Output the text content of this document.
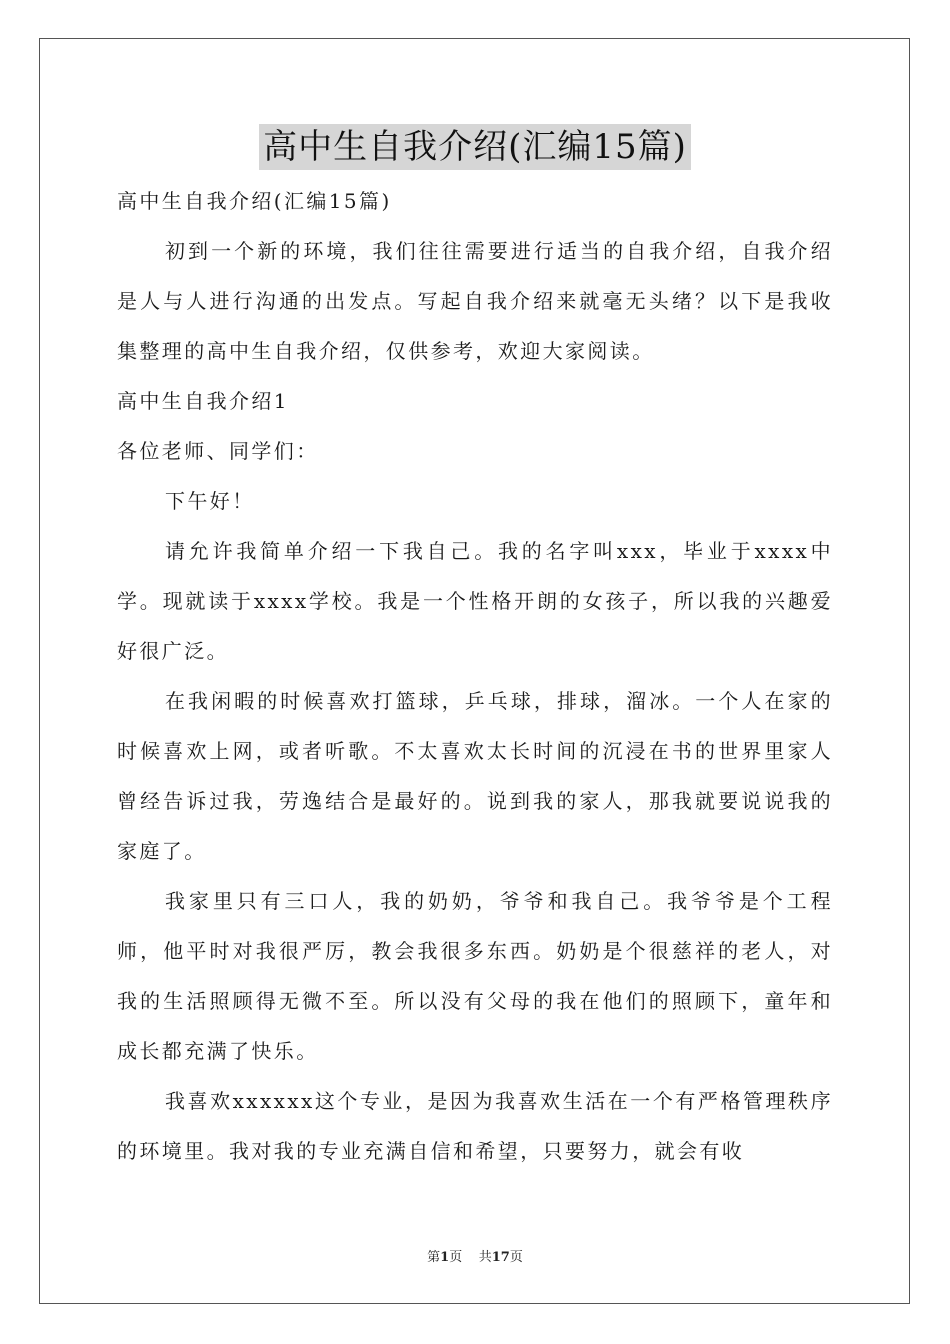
高中生自我介绍(汇编15篇)

高中生自我介绍(汇编15篇)

初到一个新的环境，我们往往需要进行适当的自我介绍，自我介绍是人与人进行沟通的出发点。写起自我介绍来就毫无头绪？以下是我收集整理的高中生自我介绍，仅供参考，欢迎大家阅读。

高中生自我介绍1

各位老师、同学们：

下午好！

请允许我简单介绍一下我自己。我的名字叫xxx，毕业于xxxx中学。现就读于xxxx学校。我是一个性格开朗的女孩子，所以我的兴趣爱好很广泛。

在我闲暇的时候喜欢打篮球，乒乓球，排球，溜冰。一个人在家的时候喜欢上网，或者听歌。不太喜欢太长时间的沉浸在书的世界里家人曾经告诉过我，劳逸结合是最好的。说到我的家人，那我就要说说我的家庭了。

我家里只有三口人，我的奶奶，爷爷和我自己。我爷爷是个工程师，他平时对我很严厉，教会我很多东西。奶奶是个很慈祥的老人，对我的生活照顾得无微不至。所以没有父母的我在他们的照顾下，童年和成长都充满了快乐。

我喜欢xxxxxx这个专业，是因为我喜欢生活在一个有严格管理秩序的环境里。我对我的专业充满自信和希望，只要努力，就会有收

第1页 共17页
